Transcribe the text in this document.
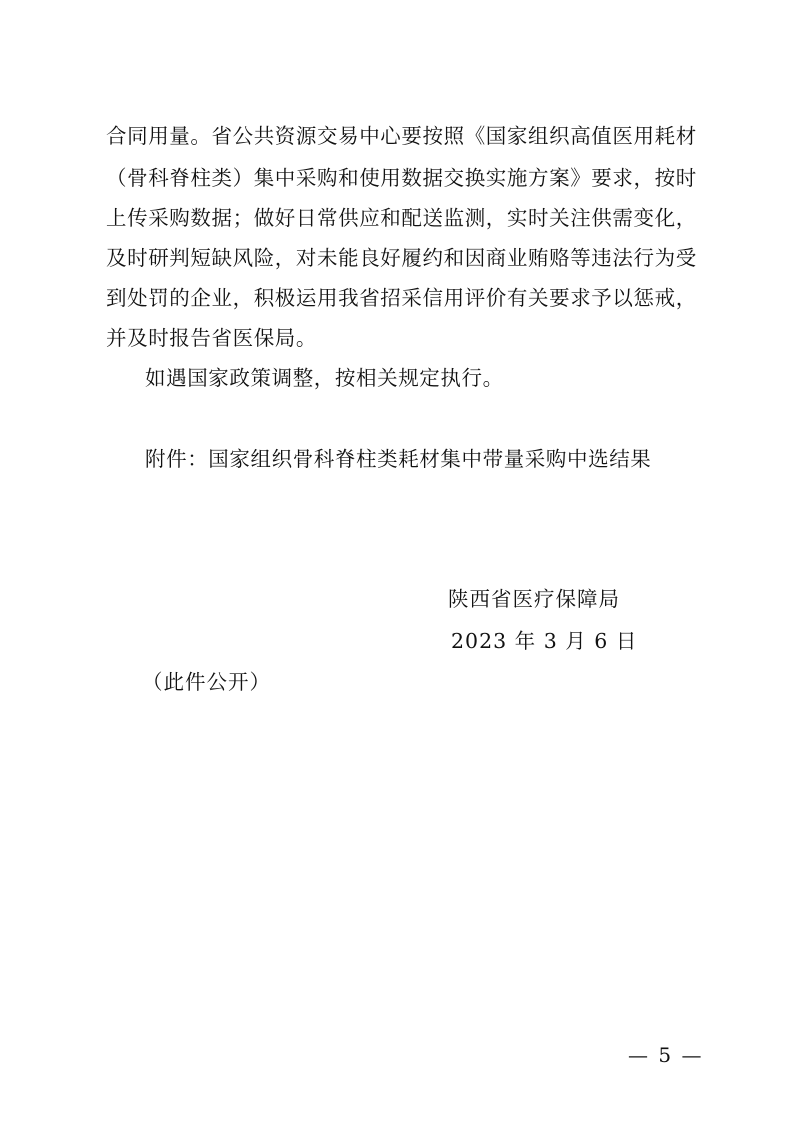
合同用量。省公共资源交易中心要按照《国家组织高值医用耗材
（骨科脊柱类）集中采购和使用数据交换实施方案》要求，按时
上传采购数据；做好日常供应和配送监测，实时关注供需变化，
及时研判短缺风险，对未能良好履约和因商业贿赂等违法行为受
到处罚的企业，积极运用我省招采信用评价有关要求予以惩戒，
并及时报告省医保局。
如遇国家政策调整，按相关规定执行。
附件：国家组织骨科脊柱类耗材集中带量采购中选结果
陕西省医疗保障局
2023 年 3 月 6 日
（此件公开）
— 5 —
